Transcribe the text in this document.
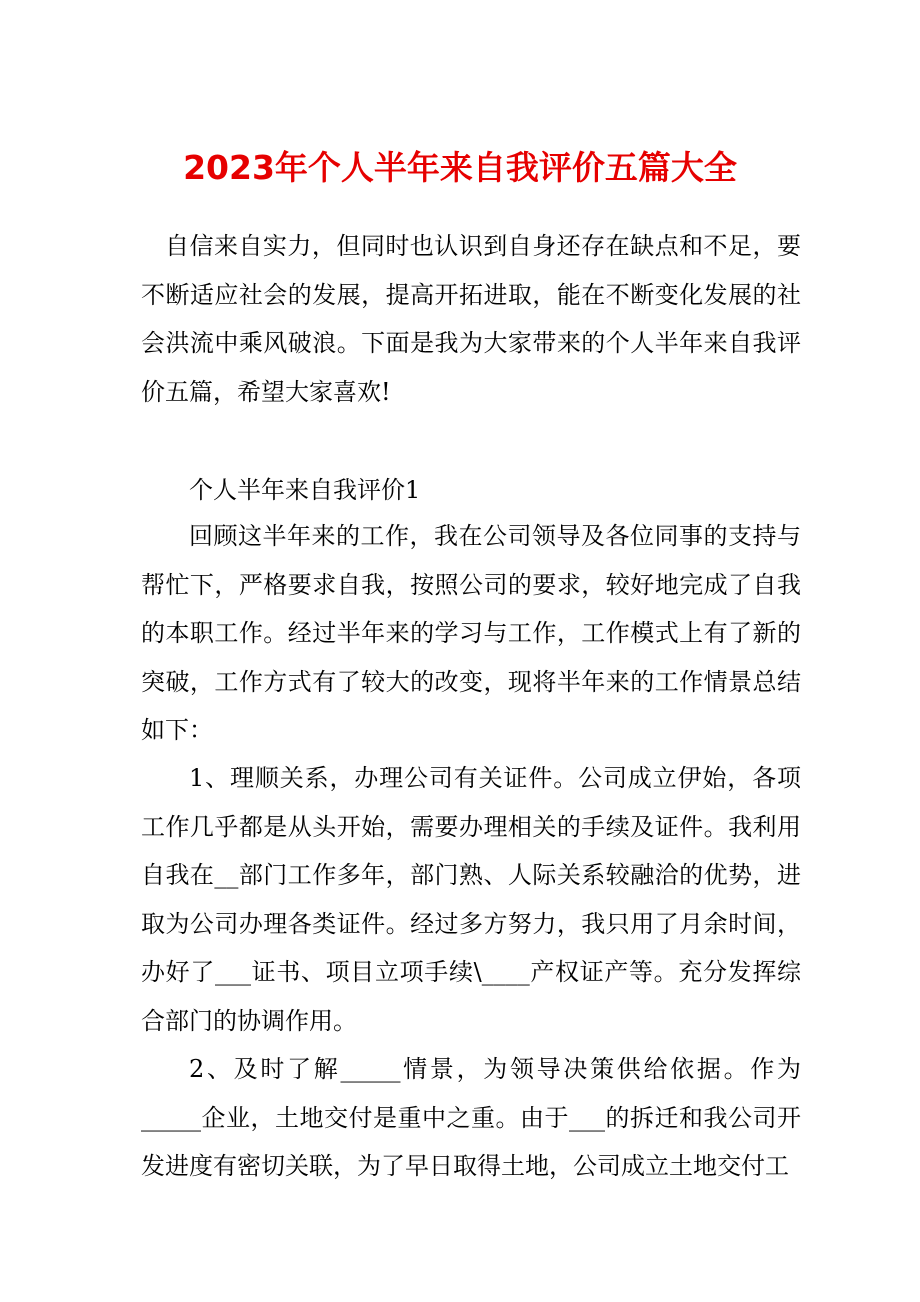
2023年个人半年来自我评价五篇大全

自信来自实力，但同时也认识到自身还存在缺点和不足，要不断适应社会的发展，提高开拓进取，能在不断变化发展的社会洪流中乘风破浪。下面是我为大家带来的个人半年来自我评价五篇，希望大家喜欢!

个人半年来自我评价1

回顾这半年来的工作，我在公司领导及各位同事的支持与帮忙下，严格要求自我，按照公司的要求，较好地完成了自我的本职工作。经过半年来的学习与工作，工作模式上有了新的突破，工作方式有了较大的改变，现将半年来的工作情景总结如下：

1、理顺关系，办理公司有关证件。公司成立伊始，各项工作几乎都是从头开始，需要办理相关的手续及证件。我利用自我在__部门工作多年，部门熟、人际关系较融洽的优势，进取为公司办理各类证件。经过多方努力，我只用了月余时间，办好了___证书、项目立项手续\____产权证产等。充分发挥综合部门的协调作用。

2、及时了解_____情景，为领导决策供给依据。作为_____企业，土地交付是重中之重。由于___的拆迁和我公司开发进度有密切关联，为了早日取得土地，公司成立土地交付工
